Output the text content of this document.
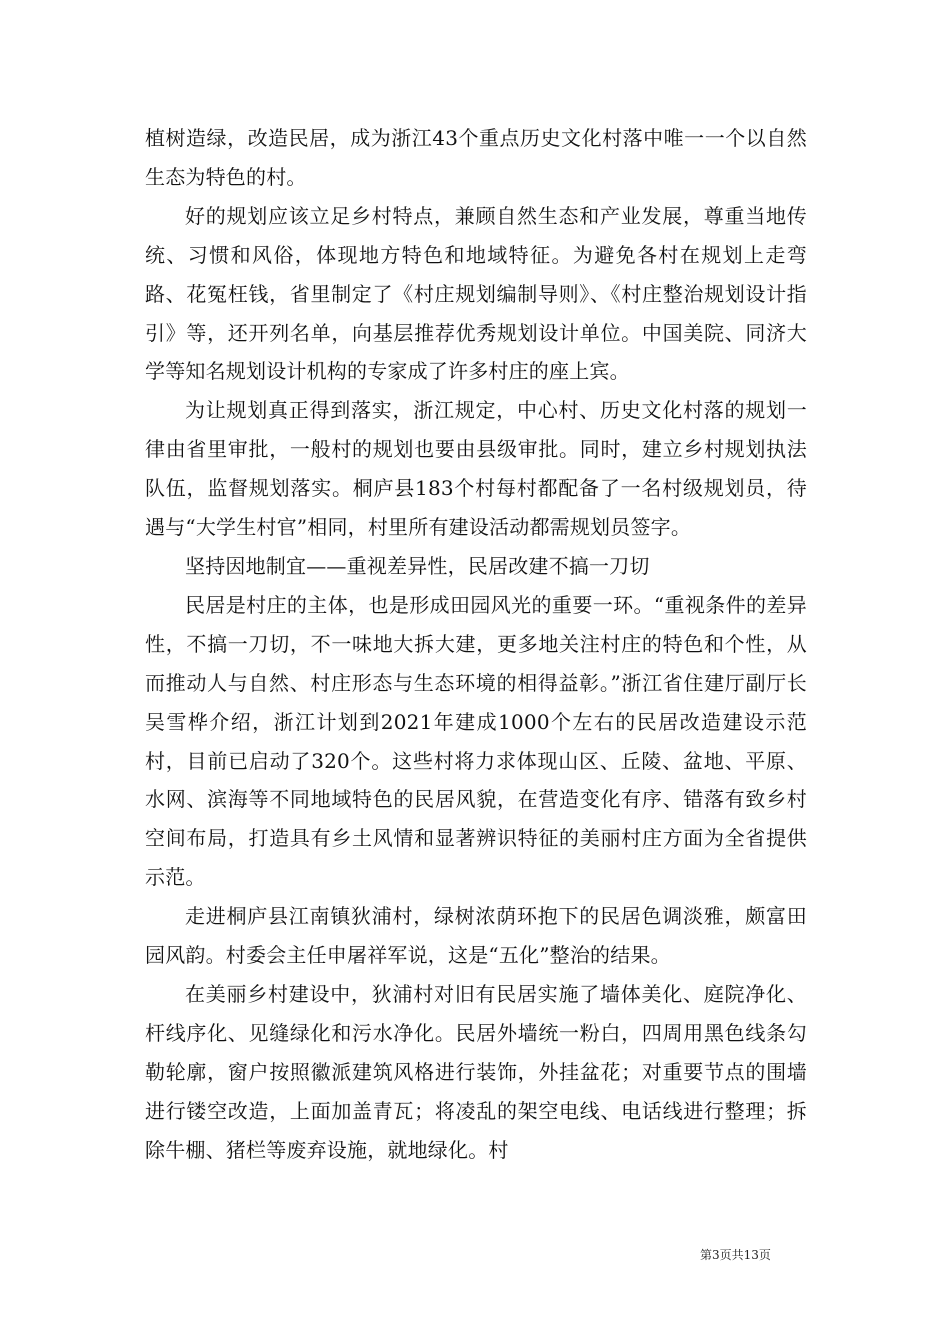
植树造绿，改造民居，成为浙江43个重点历史文化村落中唯一一个以自然生态为特色的村。

好的规划应该立足乡村特点，兼顾自然生态和产业发展，尊重当地传统、习惯和风俗，体现地方特色和地域特征。为避免各村在规划上走弯路、花冤枉钱，省里制定了《村庄规划编制导则》、《村庄整治规划设计指引》等，还开列名单，向基层推荐优秀规划设计单位。中国美院、同济大学等知名规划设计机构的专家成了许多村庄的座上宾。

为让规划真正得到落实，浙江规定，中心村、历史文化村落的规划一律由省里审批，一般村的规划也要由县级审批。同时，建立乡村规划执法队伍，监督规划落实。桐庐县183个村每村都配备了一名村级规划员，待遇与“大学生村官”相同，村里所有建设活动都需规划员签字。

坚持因地制宜——重视差异性，民居改建不搞一刀切

民居是村庄的主体，也是形成田园风光的重要一环。“重视条件的差异性，不搞一刀切，不一味地大拆大建，更多地关注村庄的特色和个性，从而推动人与自然、村庄形态与生态环境的相得益彰。”浙江省住建厅副厅长吴雪桦介绍，浙江计划到2021年建成1000个左右的民居改造建设示范村，目前已启动了320个。这些村将力求体现山区、丘陵、盆地、平原、水网、滨海等不同地域特色的民居风貌，在营造变化有序、错落有致乡村空间布局，打造具有乡土风情和显著辨识特征的美丽村庄方面为全省提供示范。

走进桐庐县江南镇狄浦村，绿树浓荫环抱下的民居色调淡雅，颇富田园风韵。村委会主任申屠祥军说，这是“五化”整治的结果。

在美丽乡村建设中，狄浦村对旧有民居实施了墙体美化、庭院净化、杆线序化、见缝绿化和污水净化。民居外墙统一粉白，四周用黑色线条勾勒轮廓，窗户按照徽派建筑风格进行装饰，外挂盆花；对重要节点的围墙进行镂空改造，上面加盖青瓦；将凌乱的架空电线、电话线进行整理；拆除牛棚、猪栏等废弃设施，就地绿化。村

第3页共13页
